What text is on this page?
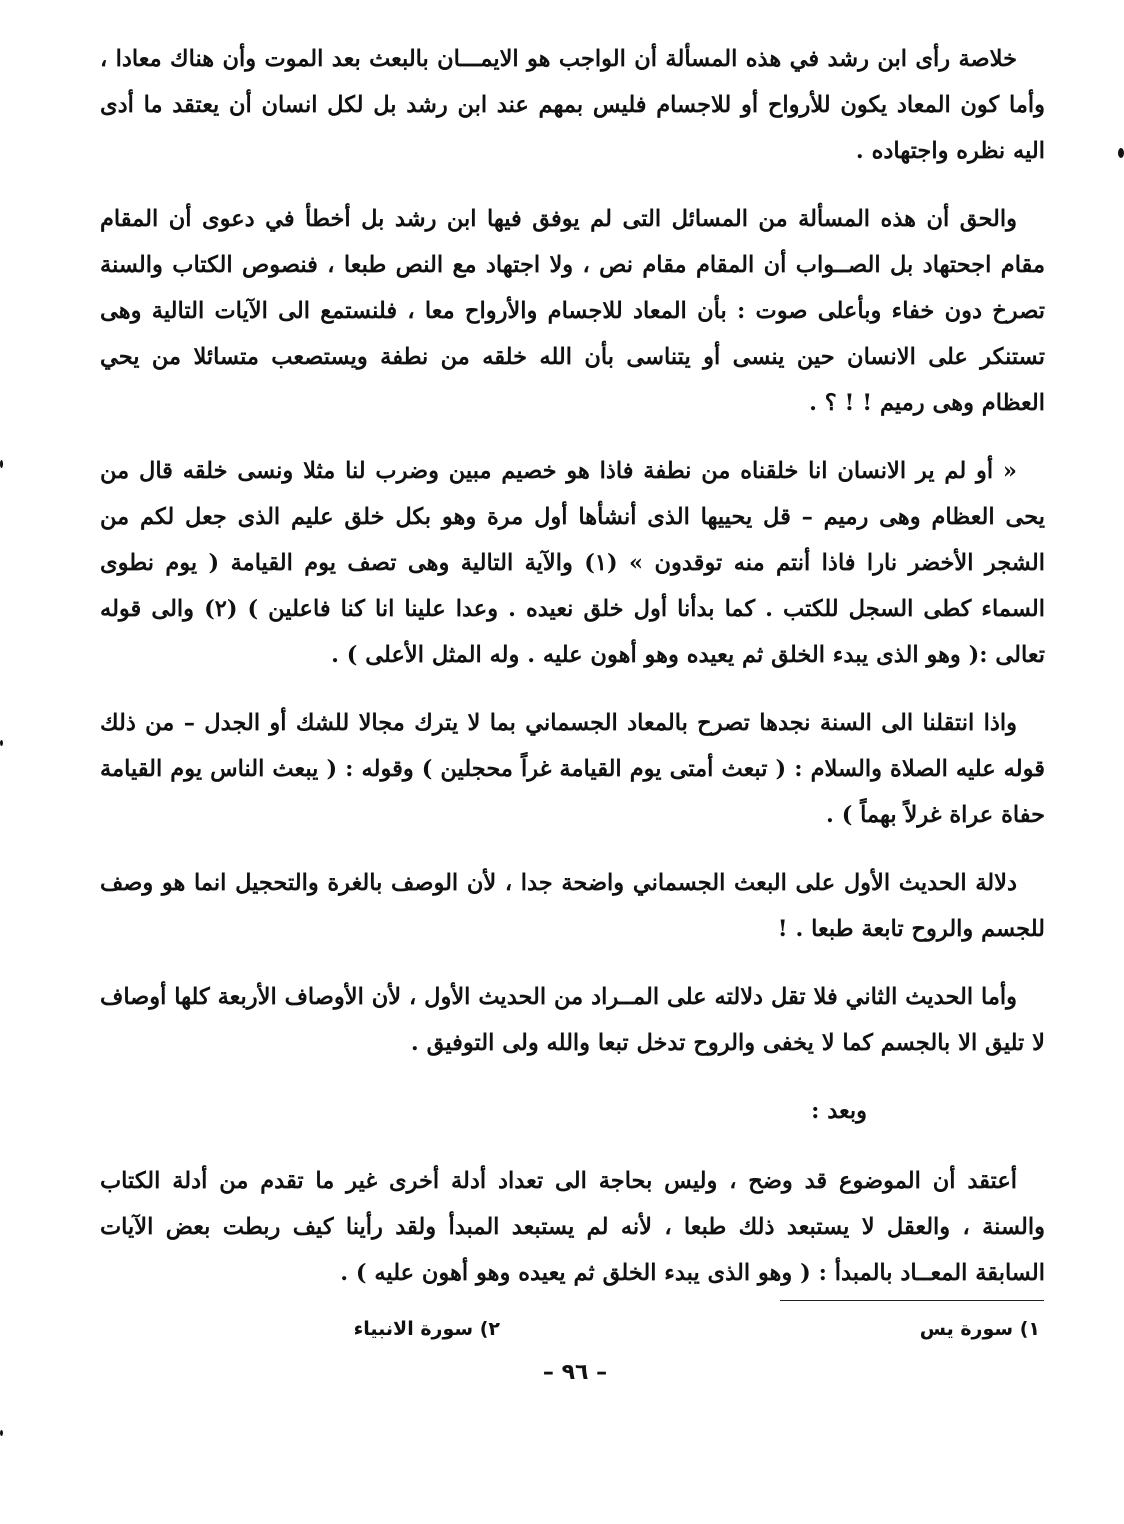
خلاصة رأى ابن رشد في هذه المسألة أن الواجب هو الايمـــان بالبعث بعد الموت وأن هناك معادا ، وأما كون المعاد يكون للأرواح أو للاجسام فليس بمهم عند ابن رشد بل لكل انسان أن يعتقد ما أدى اليه نظره واجتهاده .

والحق أن هذه المسألة من المسائل التى لم يوفق فيها ابن رشد بل أخطأ في دعوى أن المقام مقام اجحتهاد بل الصــواب أن المقام مقام نص ، ولا اجتهاد مع النص طبعا ، فنصوص الكتاب والسنة تصرخ دون خفاء وبأعلى صوت : بأن المعاد للاجسام والأرواح معا ، فلنستمع الى الآيات التالية وهى تستنكر على الانسان حين ينسى أو يتناسى بأن الله خلقه من نطفة ويستصعب متسائلا من يحي العظام وهى رميم ! ! ؟ .

« أو لم ير الانسان انا خلقناه من نطفة فاذا هو خصيم مبين وضرب لنا مثلا ونسى خلقه قال من يحى العظام وهى رميم – قل يحييها الذى أنشأها أول مرة وهو بكل خلق عليم الذى جعل لكم من الشجر الأخضر نارا فاذا أنتم منه توقدون » (١) والآية التالية وهى تصف يوم القيامة ( يوم نطوى السماء كطى السجل للكتب . كما بدأنا أول خلق نعيده . وعدا علينا انا كنا فاعلين ) (٢) والى قوله تعالى :( وهو الذى يبدء الخلق ثم يعيده وهو أهون عليه . وله المثل الأعلى ) .

واذا انتقلنا الى السنة نجدها تصرح بالمعاد الجسماني بما لا يترك مجالا للشك أو الجدل – من ذلك قوله عليه الصلاة والسلام : ( تبعث أمتى يوم القيامة غراً محجلين ) وقوله : ( يبعث الناس يوم القيامة حفاة عراة غرلاً بهماً ) .

دلالة الحديث الأول على البعث الجسماني واضحة جدا ، لأن الوصف بالغرة والتحجيل انما هو وصف للجسم والروح تابعة طبعا . !

وأما الحديث الثاني فلا تقل دلالته على المــراد من الحديث الأول ، لأن الأوصاف الأربعة كلها أوصاف لا تليق الا بالجسم كما لا يخفى والروح تدخل تبعا والله ولى التوفيق .

وبعد :

أعتقد أن الموضوع قد وضح ، وليس بحاجة الى تعداد أدلة أخرى غير ما تقدم من أدلة الكتاب والسنة ، والعقل لا يستبعد ذلك طبعا ، لأنه لم يستبعد المبدأ ولقد رأينا كيف ربطت بعض الآيات السابقة المعــاد بالمبدأ : ( وهو الذى يبدء الخلق ثم يعيده وهو أهون عليه ) .

١) سورة يس
٢) سورة الانبياء
– ٩٦ –
